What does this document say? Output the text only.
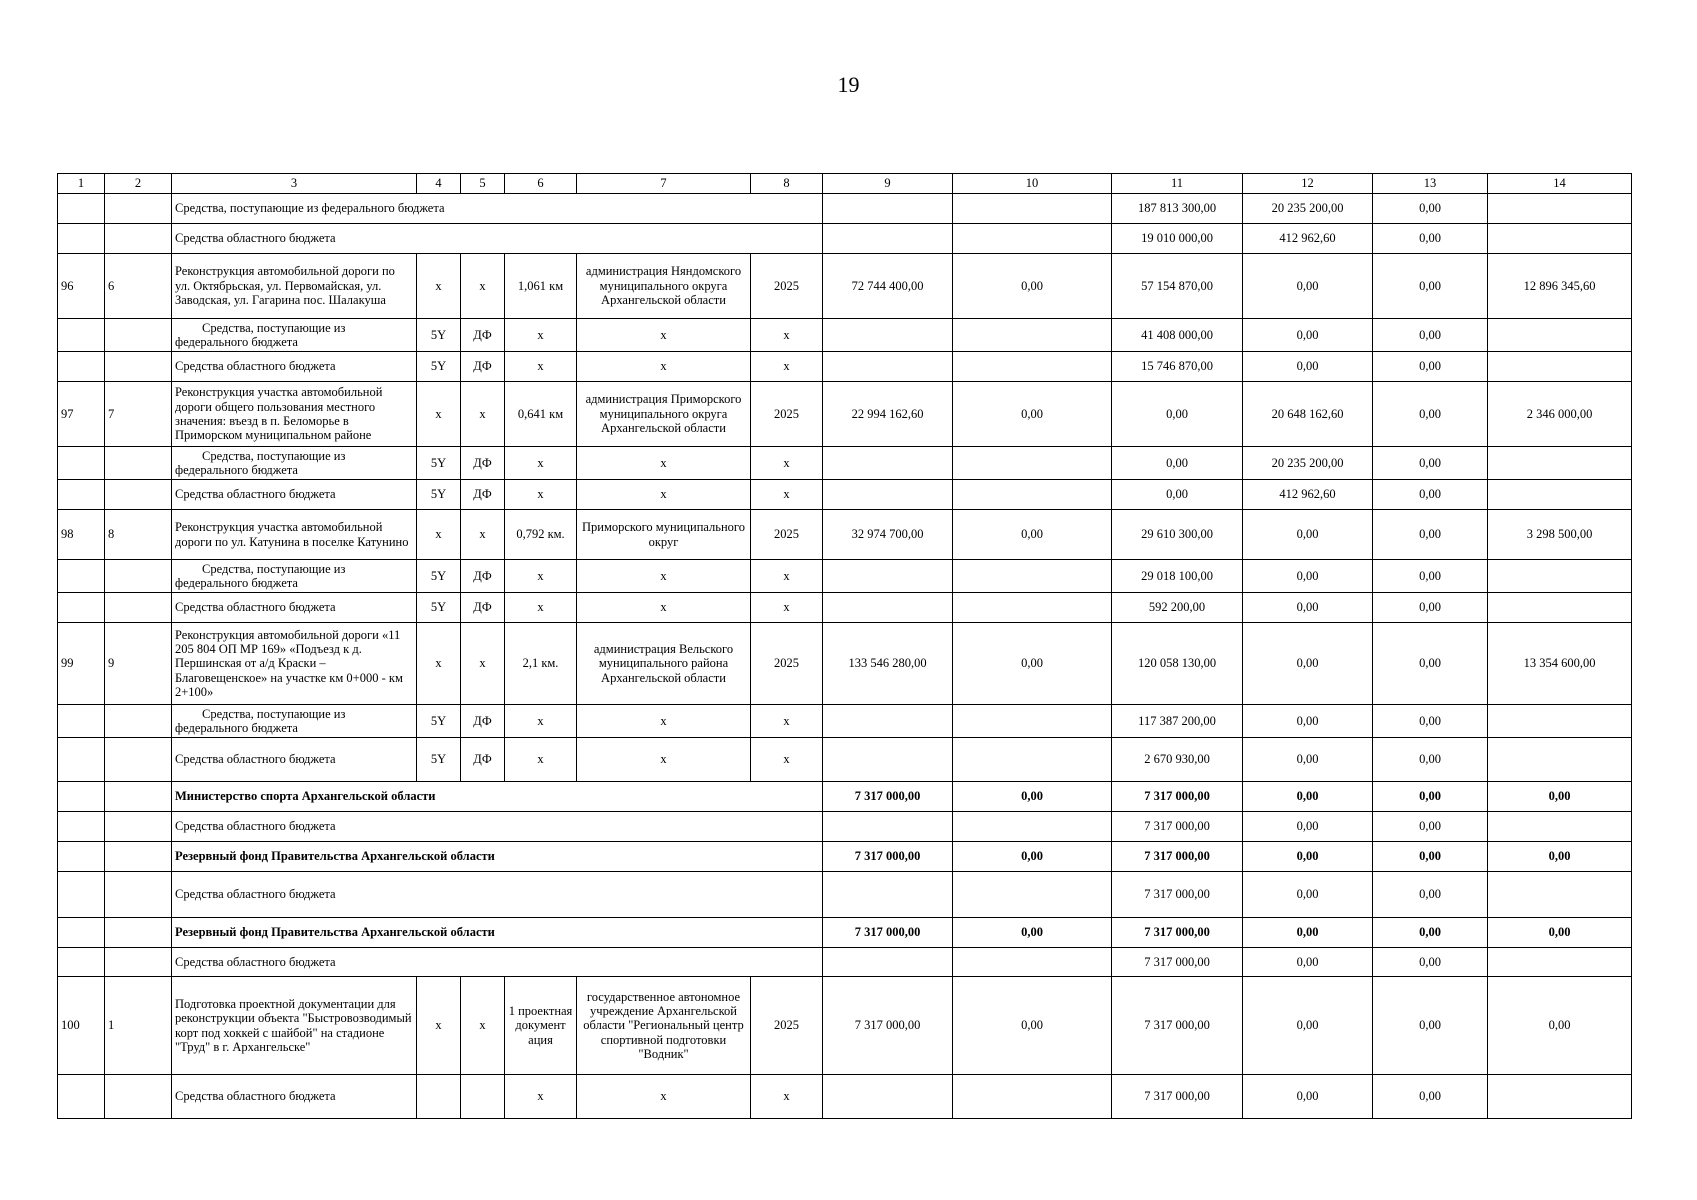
19
1	2	3	4	5	6	7	8	9	10	11	12	13	14
		Средства, поступающие из федерального бюджета								187 813 300,00	20 235 200,00	0,00	
		Средства областного бюджета								19 010 000,00	412 962,60	0,00	
96	6	Реконструкция автомобильной дороги по ул. Октябрьская, ул. Первомайская, ул. Заводская, ул. Гагарина пос. Шалакуша	х	х	1,061 км	администрация Няндомского муниципального округа Архангельской области	2025	72 744 400,00	0,00	57 154 870,00	0,00	0,00	12 896 345,60
		Средства, поступающие из федерального бюджета	5Y	ДФ	х	х	х			41 408 000,00	0,00	0,00	
		Средства областного бюджета	5Y	ДФ	х	х	х			15 746 870,00	0,00	0,00	
97	7	Реконструкция участка автомобильной дороги общего пользования местного значения: въезд в п. Беломорье в Приморском муниципальном районе	х	х	0,641 км	администрация Приморского муниципального округа Архангельской области	2025	22 994 162,60	0,00	0,00	20 648 162,60	0,00	2 346 000,00
		Средства, поступающие из федерального бюджета	5Y	ДФ	х	х	х			0,00	20 235 200,00	0,00	
		Средства областного бюджета	5Y	ДФ	х	х	х			0,00	412 962,60	0,00	
98	8	Реконструкция участка автомобильной дороги по ул. Катунина в поселке Катунино	х	х	0,792 км.	Приморского муниципального округ	2025	32 974 700,00	0,00	29 610 300,00	0,00	0,00	3 298 500,00
		Средства, поступающие из федерального бюджета	5Y	ДФ	х	х	х			29 018 100,00	0,00	0,00	
		Средства областного бюджета	5Y	ДФ	х	х	х			592 200,00	0,00	0,00	
99	9	Реконструкция автомобильной дороги «11 205 804 ОП МР 169» «Подъезд к д. Першинская от а/д Краски – Благовещенское» на участке км 0+000 - км 2+100»	х	х	2,1 км.	администрация Вельского муниципального района Архангельской области	2025	133 546 280,00	0,00	120 058 130,00	0,00	0,00	13 354 600,00
		Средства, поступающие из федерального бюджета	5Y	ДФ	х	х	х			117 387 200,00	0,00	0,00	
		Средства областного бюджета	5Y	ДФ	х	х	х			2 670 930,00	0,00	0,00	
		Министерство спорта Архангельской области						7 317 000,00	0,00	7 317 000,00	0,00	0,00	0,00
		Средства областного бюджета								7 317 000,00	0,00	0,00	
		Резервный фонд Правительства Архангельской области						7 317 000,00	0,00	7 317 000,00	0,00	0,00	0,00
		Средства областного бюджета								7 317 000,00	0,00	0,00	
		Резервный фонд Правительства Архангельской области						7 317 000,00	0,00	7 317 000,00	0,00	0,00	0,00
		Средства областного бюджета								7 317 000,00	0,00	0,00	
100	1	Подготовка проектной документации для реконструкции объекта "Быстровозводимый корт под хоккей с шайбой" на стадионе "Труд" в г. Архангельске"	х	х	1 проектная документ ация	государственное автономное учреждение Архангельской области "Региональный центр спортивной подготовки "Водник"	2025	7 317 000,00	0,00	7 317 000,00	0,00	0,00	0,00
		Средства областного бюджета			х	х	х			7 317 000,00	0,00	0,00	
